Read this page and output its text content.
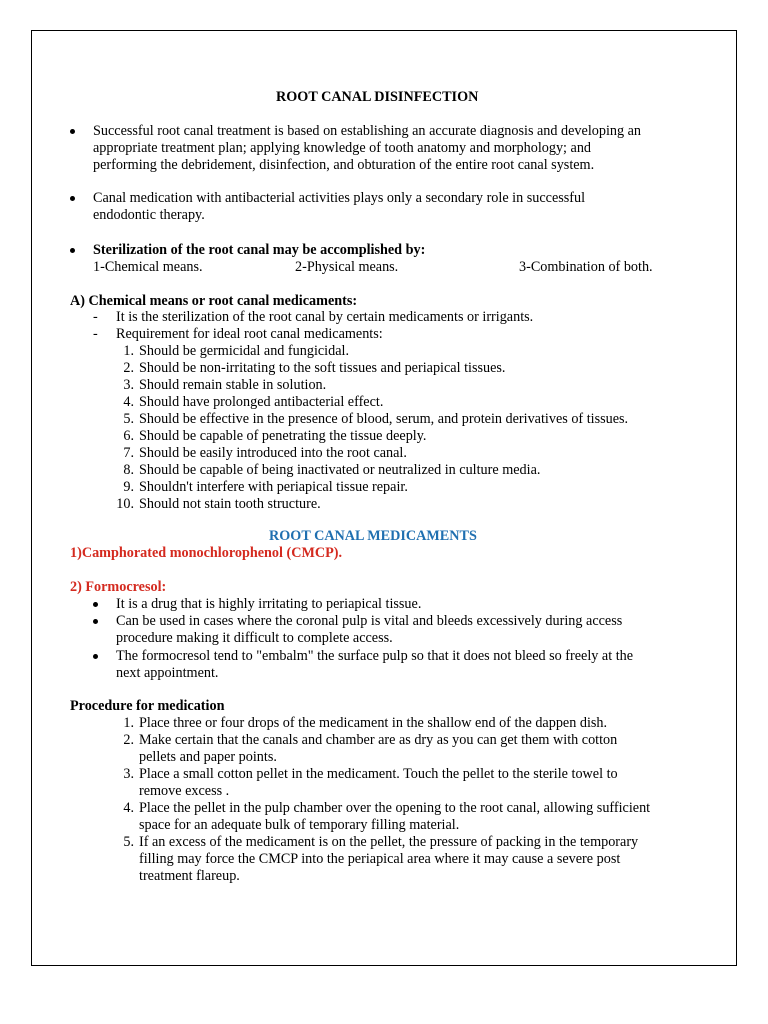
ROOT CANAL DISINFECTION
Successful root canal treatment is based on establishing an accurate diagnosis and developing an
appropriate treatment plan; applying knowledge of tooth anatomy and morphology; and
performing the debridement, disinfection, and obturation of the entire root canal system.
Canal medication with antibacterial activities plays only a secondary role in successful
endodontic therapy.
Sterilization of the root canal may be accomplished by:
1-Chemical means.	2-Physical means.	3-Combination of both.
A) Chemical means or root canal medicaments:
- It is the sterilization of the root canal by certain medicaments or irrigants.
- Requirement for ideal root canal medicaments:
1. Should be germicidal and fungicidal.
2. Should be non-irritating to the soft tissues and periapical tissues.
3. Should remain stable in solution.
4. Should have prolonged antibacterial effect.
5. Should be effective in the presence of blood, serum, and protein derivatives of tissues.
6. Should be capable of penetrating the tissue deeply.
7. Should be easily introduced into the root canal.
8. Should be capable of being inactivated or neutralized in culture media.
9. Shouldn't interfere with periapical tissue repair.
10. Should not stain tooth structure.
ROOT CANAL MEDICAMENTS
1)Camphorated monochlorophenol (CMCP).
2) Formocresol:
It is a drug that is highly irritating to periapical tissue.
Can be used in cases where the coronal pulp is vital and bleeds excessively during access
procedure making it difficult to complete access.
The formocresol tend to "embalm" the surface pulp so that it does not bleed so freely at the
next appointment.
Procedure for medication
1. Place three or four drops of the medicament in the shallow end of the dappen dish.
2. Make certain that the canals and chamber are as dry as you can get them with cotton
pellets and paper points.
3. Place a small cotton pellet in the medicament. Touch the pellet to the sterile towel to
remove excess .
4. Place the pellet in the pulp chamber over the opening to the root canal, allowing sufficient
space for an adequate bulk of temporary filling material.
5. If an excess of the medicament is on the pellet, the pressure of packing in the temporary
filling may force the CMCP into the periapical area where it may cause a severe post
treatment flareup.
